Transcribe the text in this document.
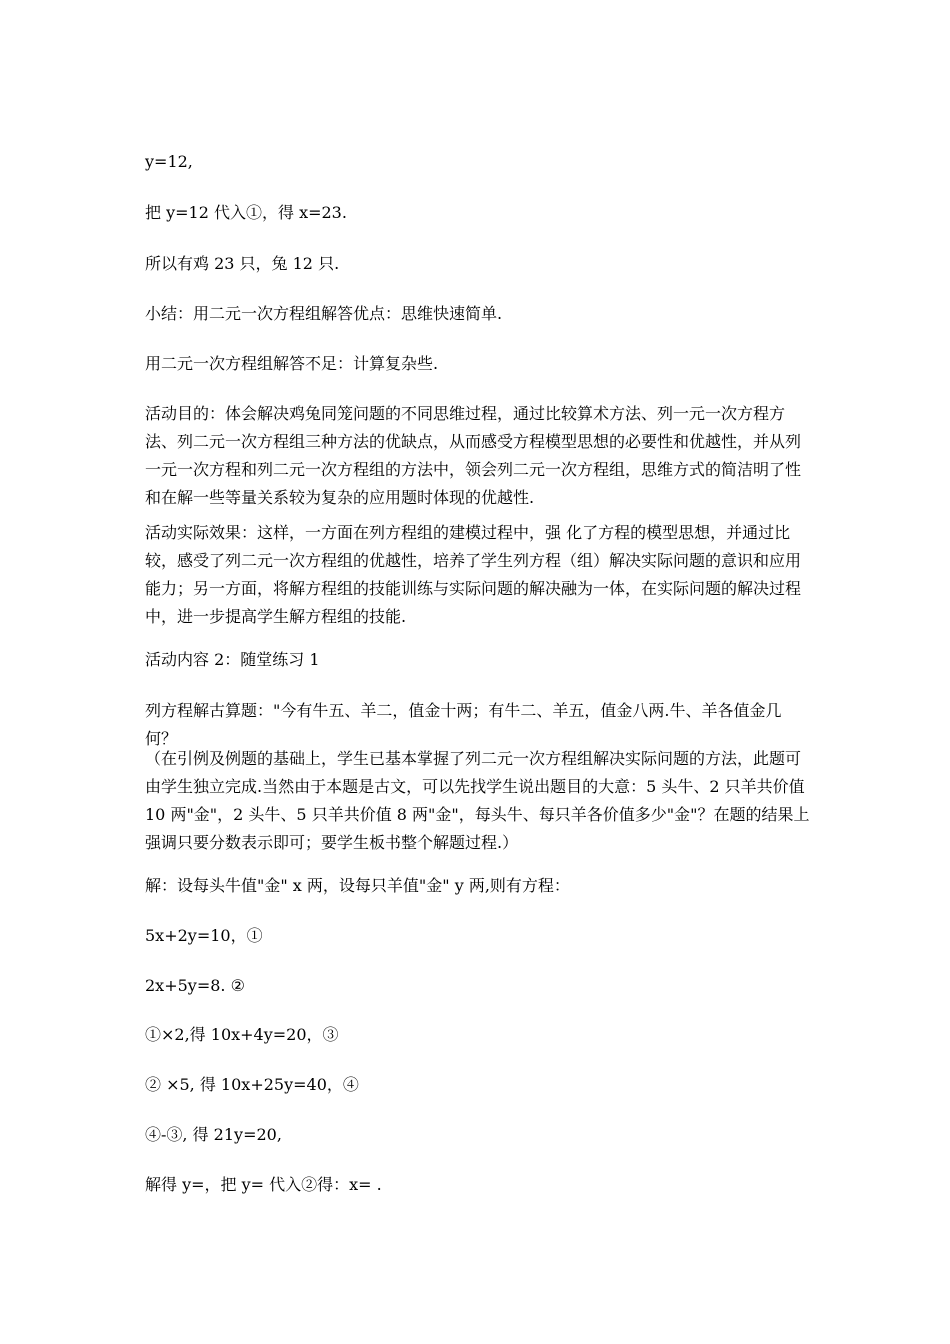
y=12,

把 y=12 代入①，得 x=23.

所以有鸡 23 只，兔 12 只.

小结：用二元一次方程组解答优点：思维快速简单.

用二元一次方程组解答不足：计算复杂些.

活动目的：体会解决鸡兔同笼问题的不同思维过程，通过比较算术方法、列一元一次方程方法、列二元一次方程组三种方法的优缺点，从而感受方程模型思想的必要性和优越性，并从列一元一次方程和列二元一次方程组的方法中，领会列二元一次方程组，思维方式的简洁明了性和在解一些等量关系较为复杂的应用题时体现的优越性.

活动实际效果：这样，一方面在列方程组的建模过程中，强 化了方程的模型思想，并通过比较，感受了列二元一次方程组的优越性，培养了学生列方程（组）解决实际问题的意识和应用能力；另一方面，将解方程组的技能训练与实际问题的解决融为一体，在实际问题的解决过程中，进一步提高学生解方程组的技能.

活动内容 2：随堂练习 1

列方程解古算题："今有牛五、羊二，值金十两；有牛二、羊五，值金八两.牛、羊各值金几何？

（在引例及例题的基础上，学生已基本掌握了列二元一次方程组解决实际问题的方法，此题可由学生独立完成.当然由于本题是古文，可以先找学生说出题目的大意：5 头牛、2 只羊共价值 10 两"金"，2 头牛、5 只羊共价值 8 两"金"，每头牛、每只羊各价值多少"金"？在题的结果上强调只要分数表示即可；要学生板书整个解题过程.）

解：设每头牛值"金" x 两，设每只羊值"金" y 两,则有方程：

5x+2y=10，①

2x+5y=8. ②

①×2,得 10x+4y=20，③

② ×5, 得 10x+25y=40，④

④-③, 得 21y=20,

解得 y=，把 y= 代入②得：x= .
